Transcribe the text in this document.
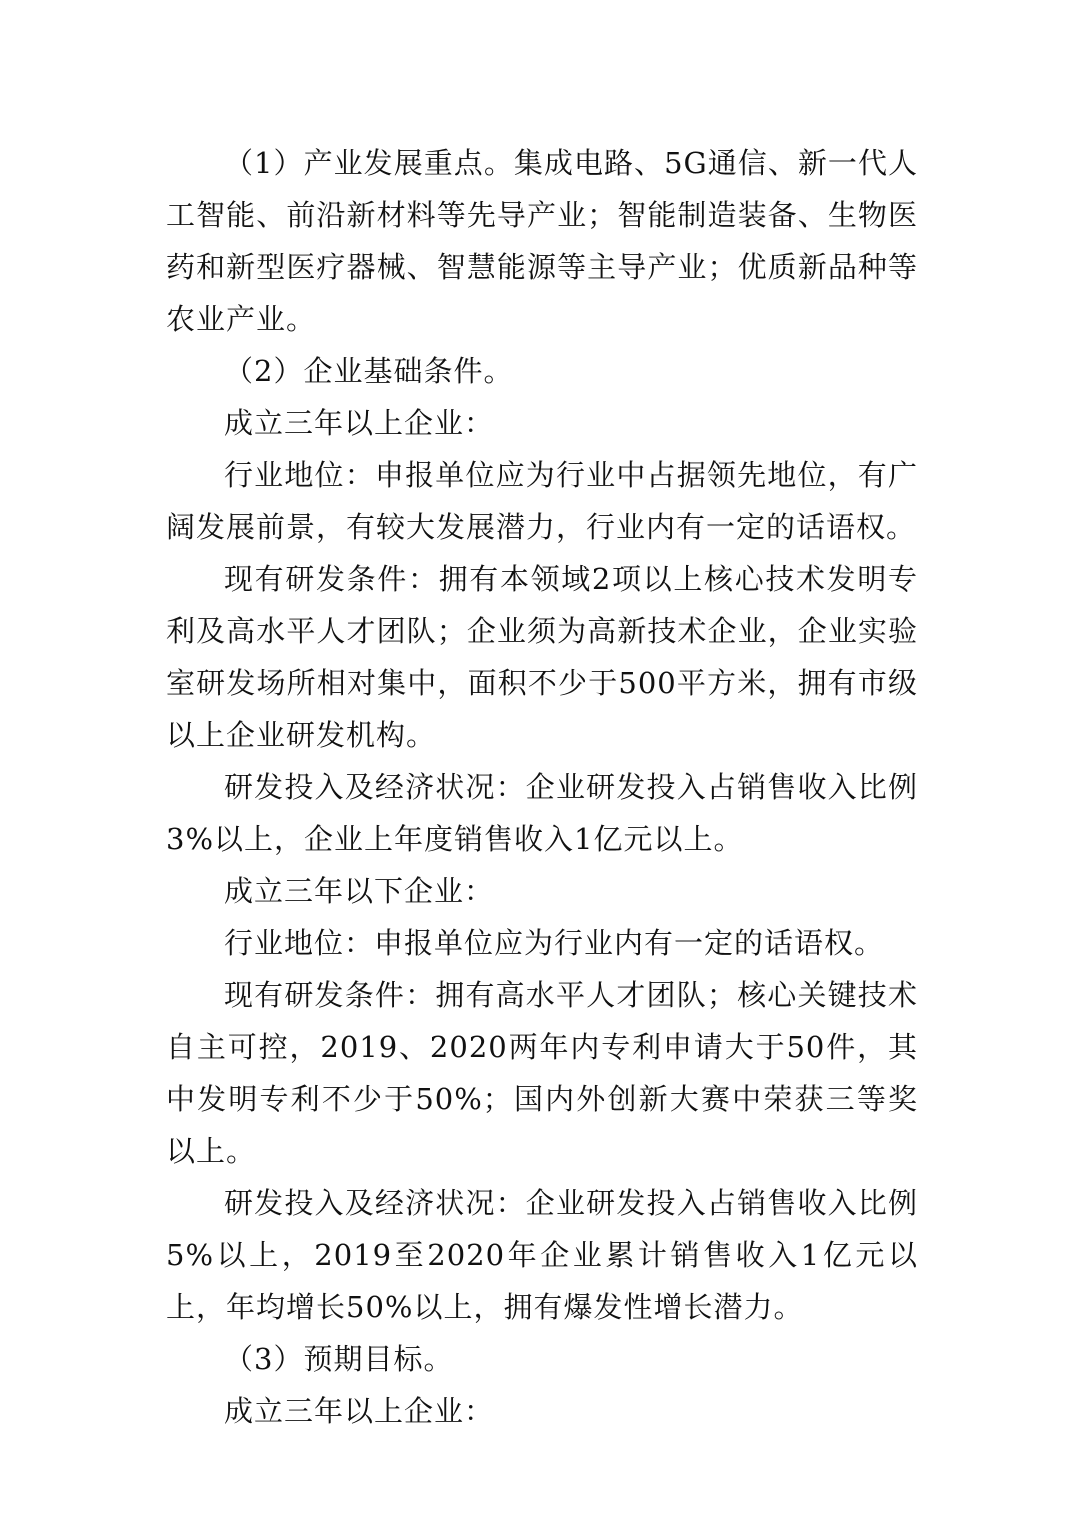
（1）产业发展重点。集成电路、5G通信、新一代人工智能、前沿新材料等先导产业；智能制造装备、生物医药和新型医疗器械、智慧能源等主导产业；优质新品种等农业产业。

（2）企业基础条件。

成立三年以上企业：

行业地位：申报单位应为行业中占据领先地位，有广阔发展前景，有较大发展潜力，行业内有一定的话语权。

现有研发条件：拥有本领域2项以上核心技术发明专利及高水平人才团队；企业须为高新技术企业，企业实验室研发场所相对集中，面积不少于500平方米，拥有市级以上企业研发机构。

研发投入及经济状况：企业研发投入占销售收入比例3%以上，企业上年度销售收入1亿元以上。

成立三年以下企业：

行业地位：申报单位应为行业内有一定的话语权。

现有研发条件：拥有高水平人才团队；核心关键技术自主可控，2019、2020两年内专利申请大于50件，其中发明专利不少于50%；国内外创新大赛中荣获三等奖以上。

研发投入及经济状况：企业研发投入占销售收入比例5%以上，2019至2020年企业累计销售收入1亿元以上，年均增长50%以上，拥有爆发性增长潜力。

（3）预期目标。

成立三年以上企业：
